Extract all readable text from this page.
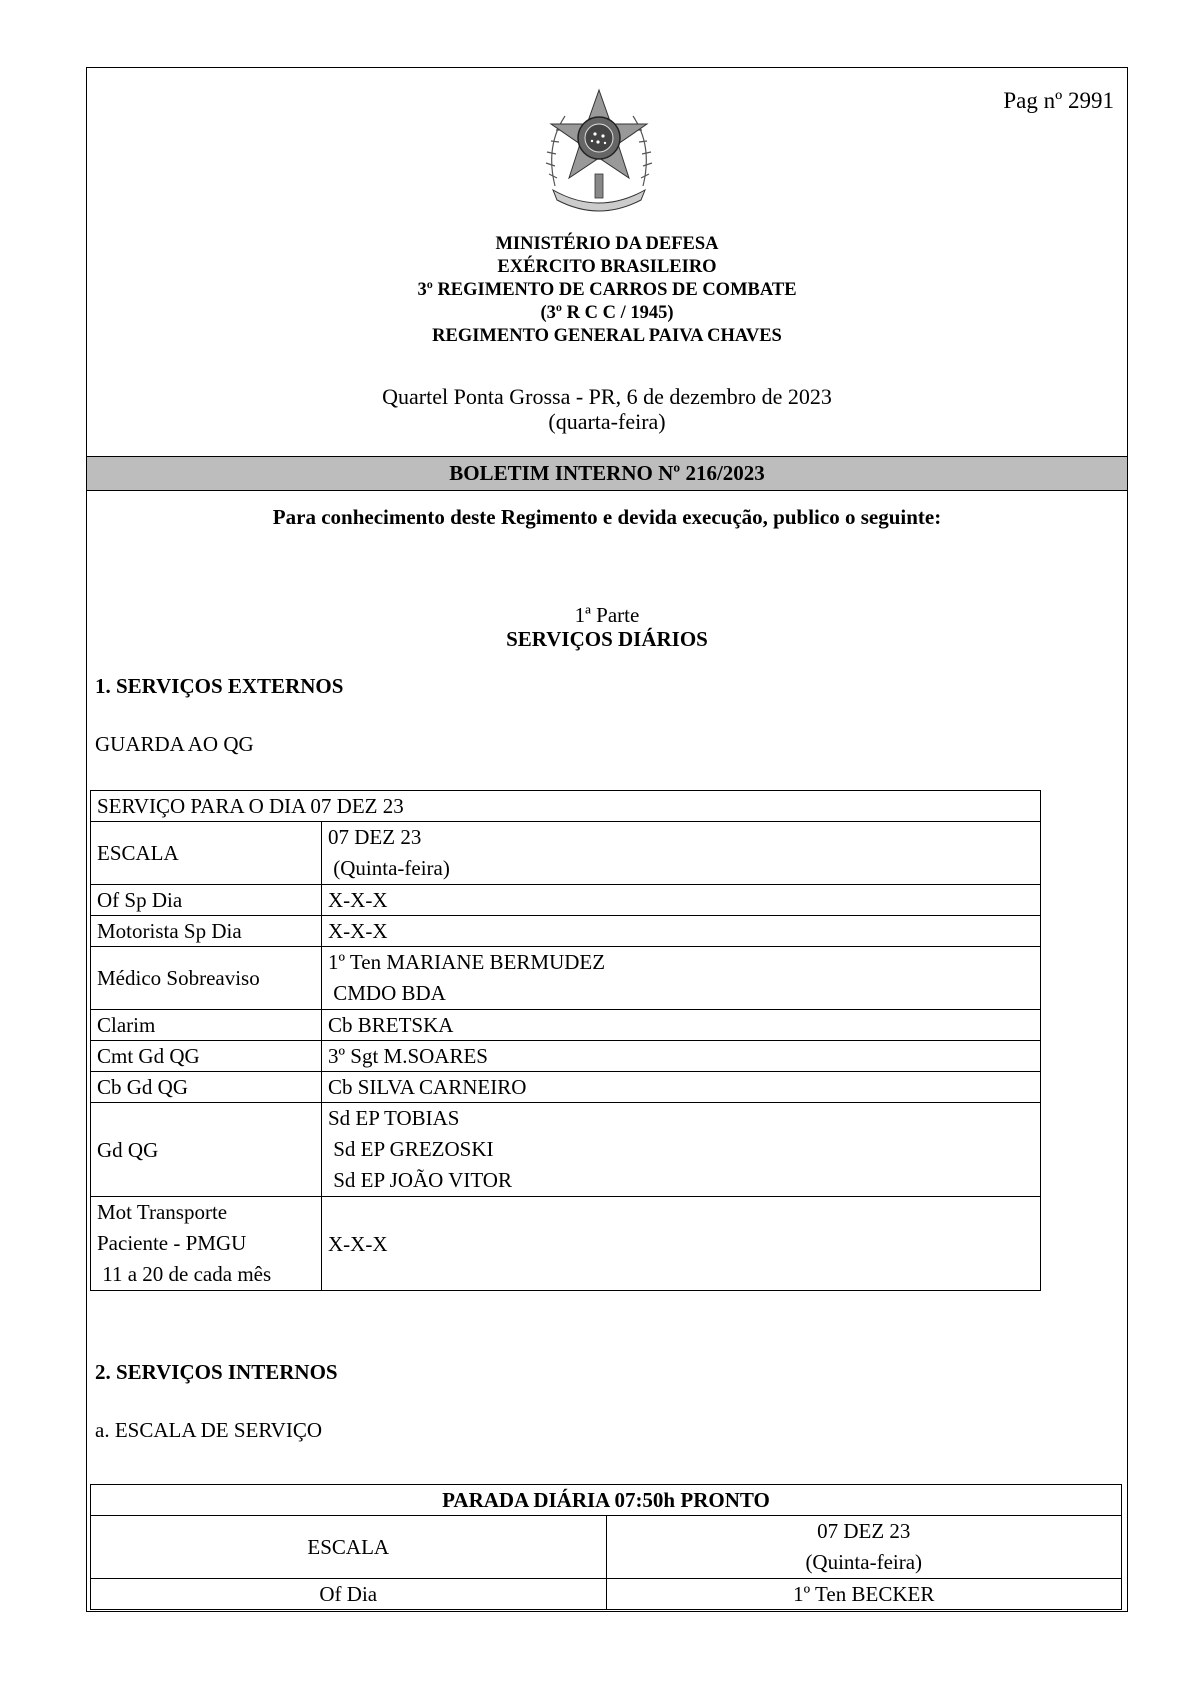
Pag nº 2991
MINISTÉRIO DA DEFESA
EXÉRCITO BRASILEIRO
3º REGIMENTO DE CARROS DE COMBATE
(3º R C C / 1945)
REGIMENTO GENERAL PAIVA CHAVES
Quartel Ponta Grossa - PR, 6 de dezembro de 2023
(quarta-feira)
BOLETIM INTERNO Nº 216/2023
Para conhecimento deste Regimento e devida execução, publico o seguinte:
1ª Parte
SERVIÇOS DIÁRIOS
1. SERVIÇOS EXTERNOS
GUARDA AO QG
SERVIÇO PARA O DIA 07 DEZ 23	
ESCALA	07 DEZ 23
(Quinta-feira)

Of Sp Dia	X-X-X
Motorista Sp Dia	X-X-X
Médico Sobreaviso	1º Ten MARIANE BERMUDEZ
CMDO BDA

Clarim	Cb BRETSKA
Cmt Gd QG	3º Sgt M.SOARES
Cb Gd QG	Cb SILVA CARNEIRO
Gd QG	Sd EP TOBIAS
Sd EP GREZOSKI
Sd EP JOÃO VITOR

Mot Transporte
Paciente - PMGU
11 a 20 de cada mês	X-X-X
2. SERVIÇOS INTERNOS
a. ESCALA DE SERVIÇO
PARADA DIÁRIA 07:50h PRONTO	
ESCALA	07 DEZ 23
(Quinta-feira)

Of Dia	1º Ten BECKER
